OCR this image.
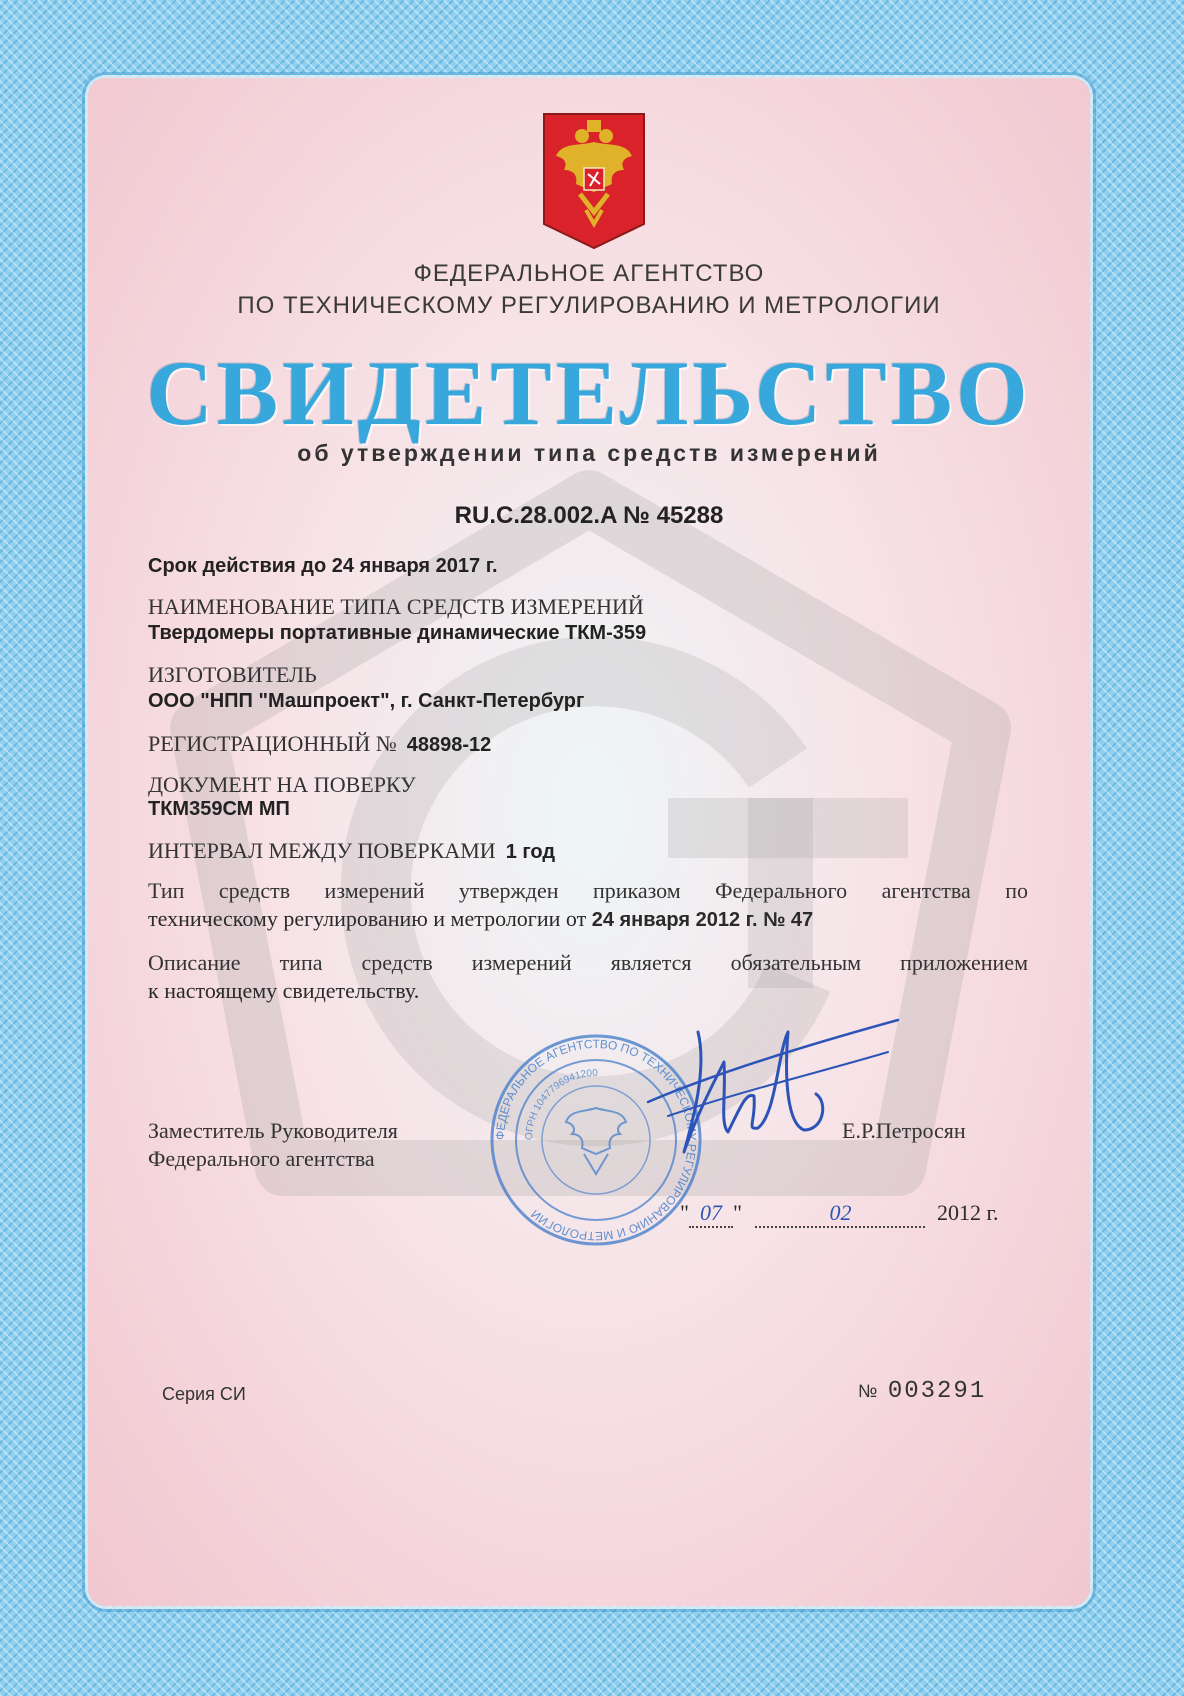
ФЕДЕРАЛЬНОЕ АГЕНТСТВО
ПО ТЕХНИЧЕСКОМУ РЕГУЛИРОВАНИЮ И МЕТРОЛОГИИ
СВИДЕТЕЛЬСТВО
об утверждении типа средств измерений
RU.C.28.002.A № 45288
Срок действия до 24 января 2017 г.
НАИМЕНОВАНИЕ ТИПА СРЕДСТВ ИЗМЕРЕНИЙ
Твердомеры портативные динамические ТКМ-359
ИЗГОТОВИТЕЛЬ
ООО "НПП "Машпроект", г. Санкт-Петербург
РЕГИСТРАЦИОННЫЙ № 48898-12
ДОКУМЕНТ НА ПОВЕРКУ
ТКМ359СМ МП
ИНТЕРВАЛ МЕЖДУ ПОВЕРКАМИ 1 год
Тип средств измерений утвержден приказом Федерального агентства по
техническому регулированию и метрологии от 24 января 2012 г. № 47
Описание типа средств измерений является обязательным приложением
к настоящему свидетельству.
Заместитель Руководителя
Федерального агентства
Е.Р.Петросян
ФЕДЕРАЛЬНОЕ АГЕНТСТВО ПО ТЕХНИЧЕСКОМУ РЕГУЛИРОВАНИЮ И МЕТРОЛОГИИ
ОГРН 1047796941200
" 07 "	02	2012 г.
Серия СИ	№ 003291
